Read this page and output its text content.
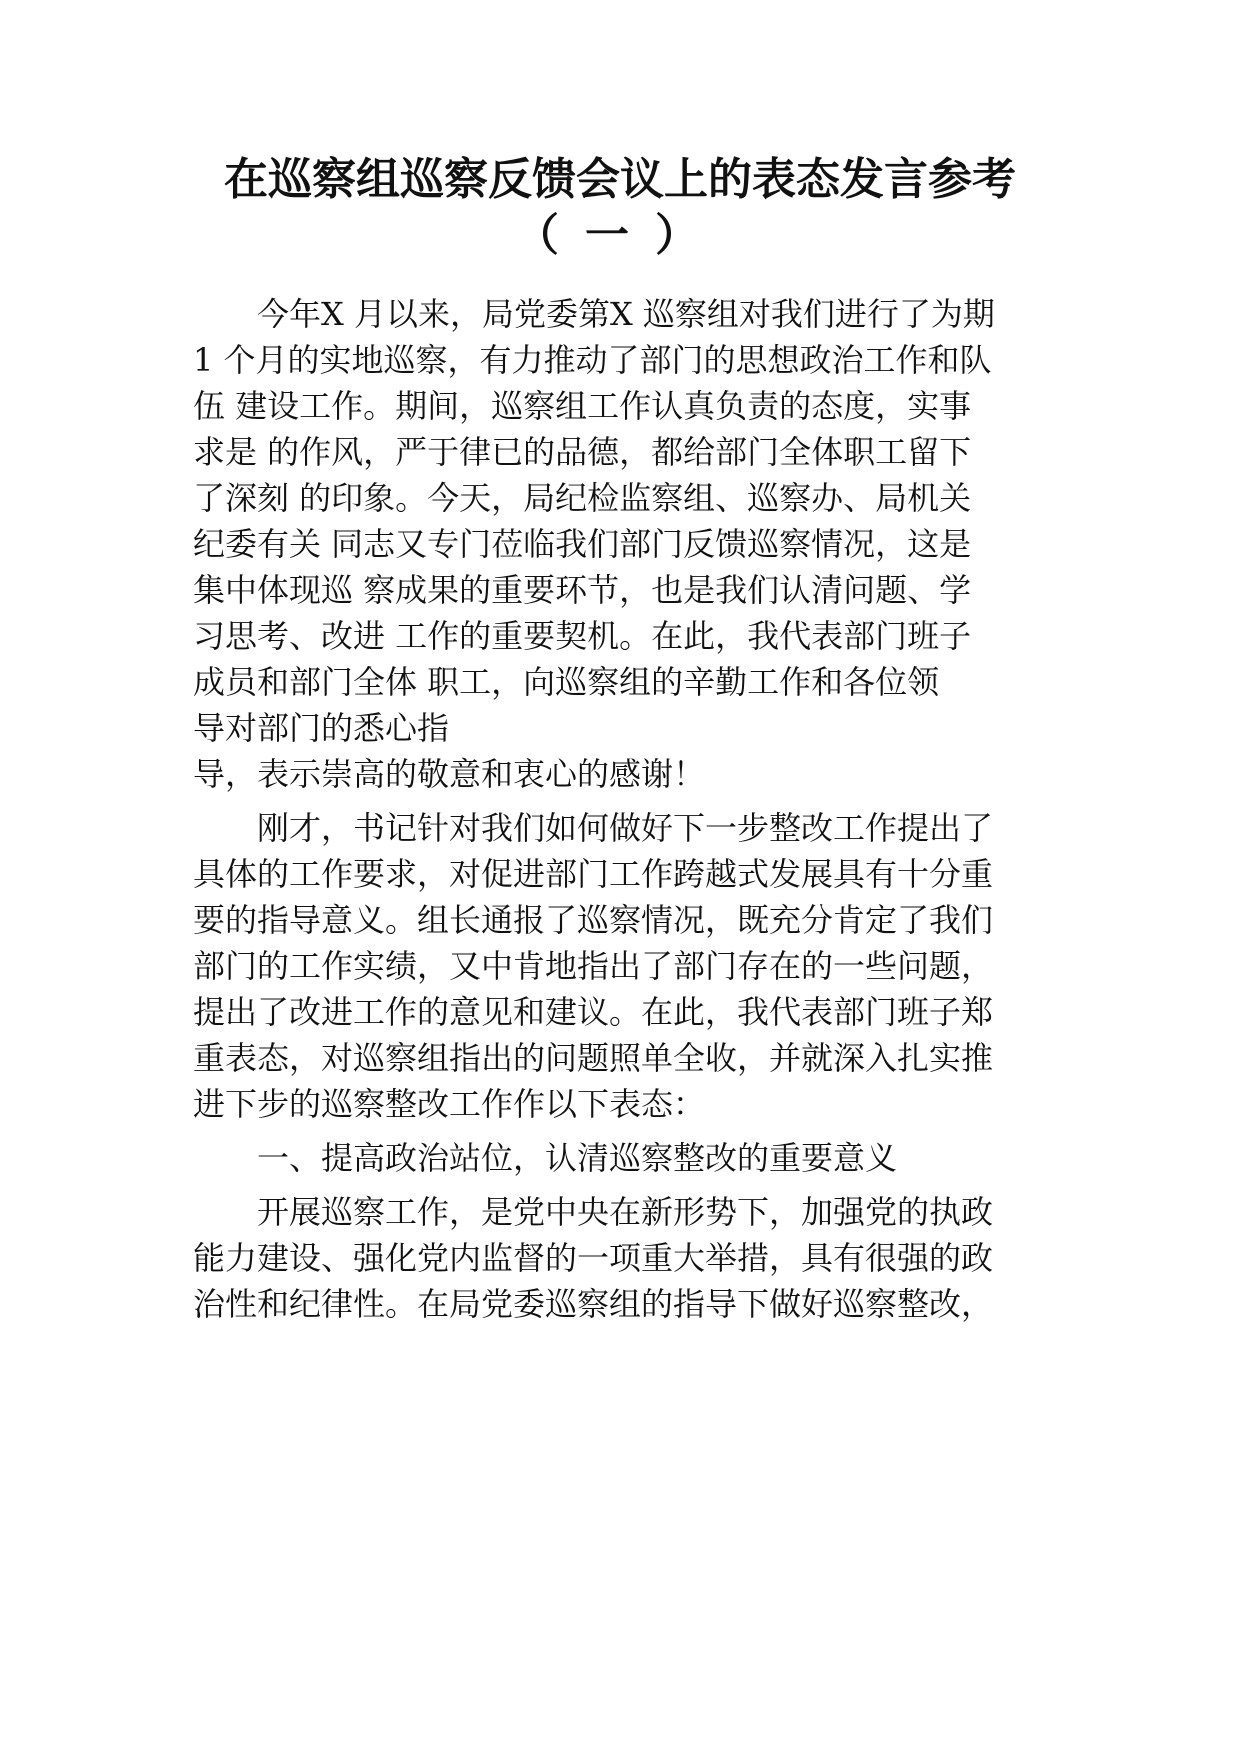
在巡察组巡察反馈会议上的表态发言参考
（一）
今年X 月以来，局党委第X 巡察组对我们进行了为期
1 个月的实地巡察，有力推动了部门的思想政治工作和队
伍 建设工作。期间，巡察组工作认真负责的态度，实事
求是 的作风，严于律已的品德，都给部门全体职工留下
了深刻 的印象。今天，局纪检监察组、巡察办、局机关
纪委有关 同志又专门莅临我们部门反馈巡察情况，这是
集中体现巡 察成果的重要环节，也是我们认清问题、学
习思考、改进 工作的重要契机。在此，我代表部门班子
成员和部门全体 职工，向巡察组的辛勤工作和各位领
导对部门的悉心指
导，表示崇高的敬意和衷心的感谢！
刚才，书记针对我们如何做好下一步整改工作提出了
具体的工作要求，对促进部门工作跨越式发展具有十分重
要的指导意义。组长通报了巡察情况，既充分肯定了我们
部门的工作实绩，又中肯地指出了部门存在的一些问题，
提出了改进工作的意见和建议。在此，我代表部门班子郑
重表态，对巡察组指出的问题照单全收，并就深入扎实推
进下步的巡察整改工作作以下表态：
一、提高政治站位，认清巡察整改的重要意义
开展巡察工作，是党中央在新形势下，加强党的执政
能力建设、强化党内监督的一项重大举措，具有很强的政
治性和纪律性。在局党委巡察组的指导下做好巡察整改，
